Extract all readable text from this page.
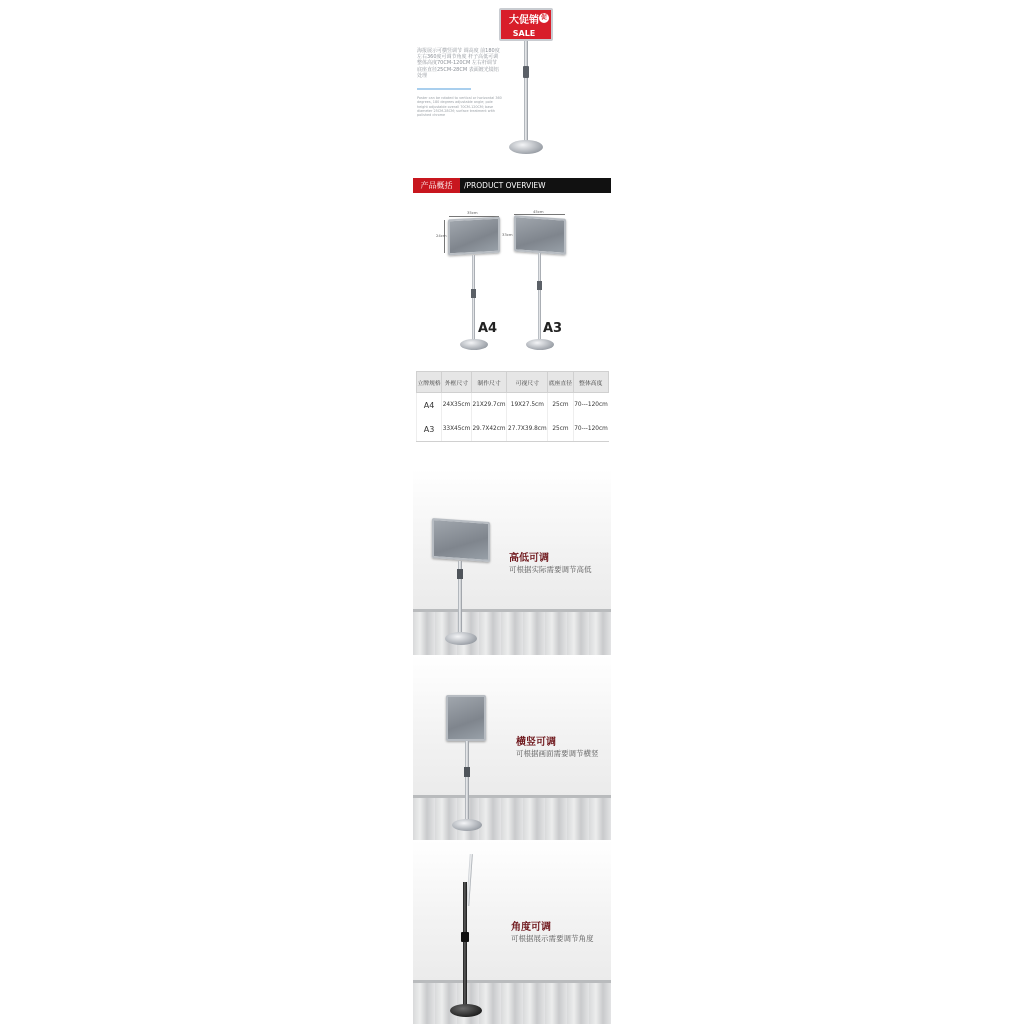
大促销
SALE
促
海报展示可横竖调节 调高度 前180度左右360度可调节角度 杆子高低可调整体高度70CM-120CM 左右杆调节 底座直径25CM-28CM 表面镀光镜铝处理
Poster can be rotated to vertical or horizontal 360 degrees, 180 degrees adjustable angle; pole height adjustable overall 70CM-120CM; base diameter 25CM-28CM; surface treatment with polished chrome
产品概括	/PRODUCT OVERVIEW
35cm
24cm
A4
45cm
33cm
A3
立牌规格	外框尺寸	制作尺寸	可视尺寸	底座直径	整体高度
A4	24X35cm	21X29.7cm	19X27.5cm	25cm	70---120cm
A3	33X45cm	29.7X42cm	27.7X39.8cm	25cm	70---120cm
高低可调
可根据实际需要调节高低
横竖可调
可根据画面需要调节横竖
角度可调
可根据展示需要调节角度
